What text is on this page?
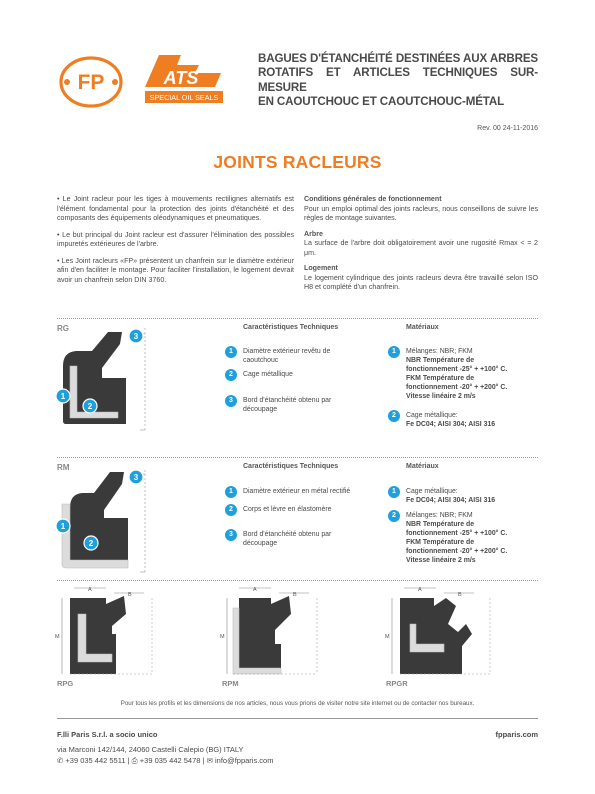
FP	ATS
SPECIAL OIL SEALS
BAGUES D'ÉTANCHÉITÉ DESTINÉES AUX ARBRES
ROTATIFS ET ARTICLES TECHNIQUES SUR-MESURE
EN CAOUTCHOUC ET CAOUTCHOUC-MÉTAL
Rev. 00 24-11-2016
JOINTS RACLEURS

• Le Joint racleur pour les tiges à mouvements rectilignes alternatifs est l'élément fondamental pour la protection des joints d'étanchéité et des composants des équipements oléodynamiques et pneumatiques.

• Le but principal du Joint racleur est d'assurer l'élimination des possibles impuretés extérieures de l'arbre.

• Les Joint racleurs «FP» présentent un chanfrein sur le diamètre extérieur afin d'en faciliter le montage. Pour faciliter l'installation, le logement devrait avoir un chanfrein selon DIN 3760.

Conditions générales de fonctionnement
Pour un emploi optimal des joints racleurs, nous conseillons de suivre les règles de montage suivantes.

Arbre
La surface de l'arbre doit obligatoirement avoir une rugosité Rmax < = 2 μm.

Logement
Le logement cylindrique des joints racleurs devra être travaillé selon ISO H8 et complété d'un chanfrein.

RG
3
1
2
Caractéristiques Techniques	Matériaux
1	Diamètre extérieur revêtu de caoutchouc
2	Cage métallique
3	Bord d'étanchéité obtenu par découpage
1	Mélanges: NBR; FKM
NBR Température de
fonctionnement -25° + +100° C.
FKM Température de
fonctionnement -20° + +200° C.
Vitesse linéaire 2 m/s
2	Cage métallique:
Fe DC04; AISI 304; AISI 316
RM
3
1
2
Caractéristiques Techniques	Matériaux
1	Diamètre extérieur en métal rectifié
2	Corps et lèvre en élastomère
3	Bord d'étanchéité obtenu par découpage
1	Cage métallique:
Fe DC04; AISI 304; AISI 316
2	Mélanges: NBR; FKM
NBR Température de
fonctionnement -25° + +100° C.
FKM Température de
fonctionnement -20° + +200° C.
Vitesse linéaire 2 m/s
A
B
M
A
B
M
A
B
M
RPG	RPM	RPGR
Pour tous les profils et les dimensions de nos articles, nous vous prions de visiter notre site internet ou de contacter nos bureaux.
F.lli Paris S.r.l. a socio unico	fpparis.com
via Marconi 142/144, 24060 Castelli Calepio (BG) ITALY
✆ +39 035 442 5511 | ⎙ +39 035 442 5478 | ✉ info@fpparis.com
